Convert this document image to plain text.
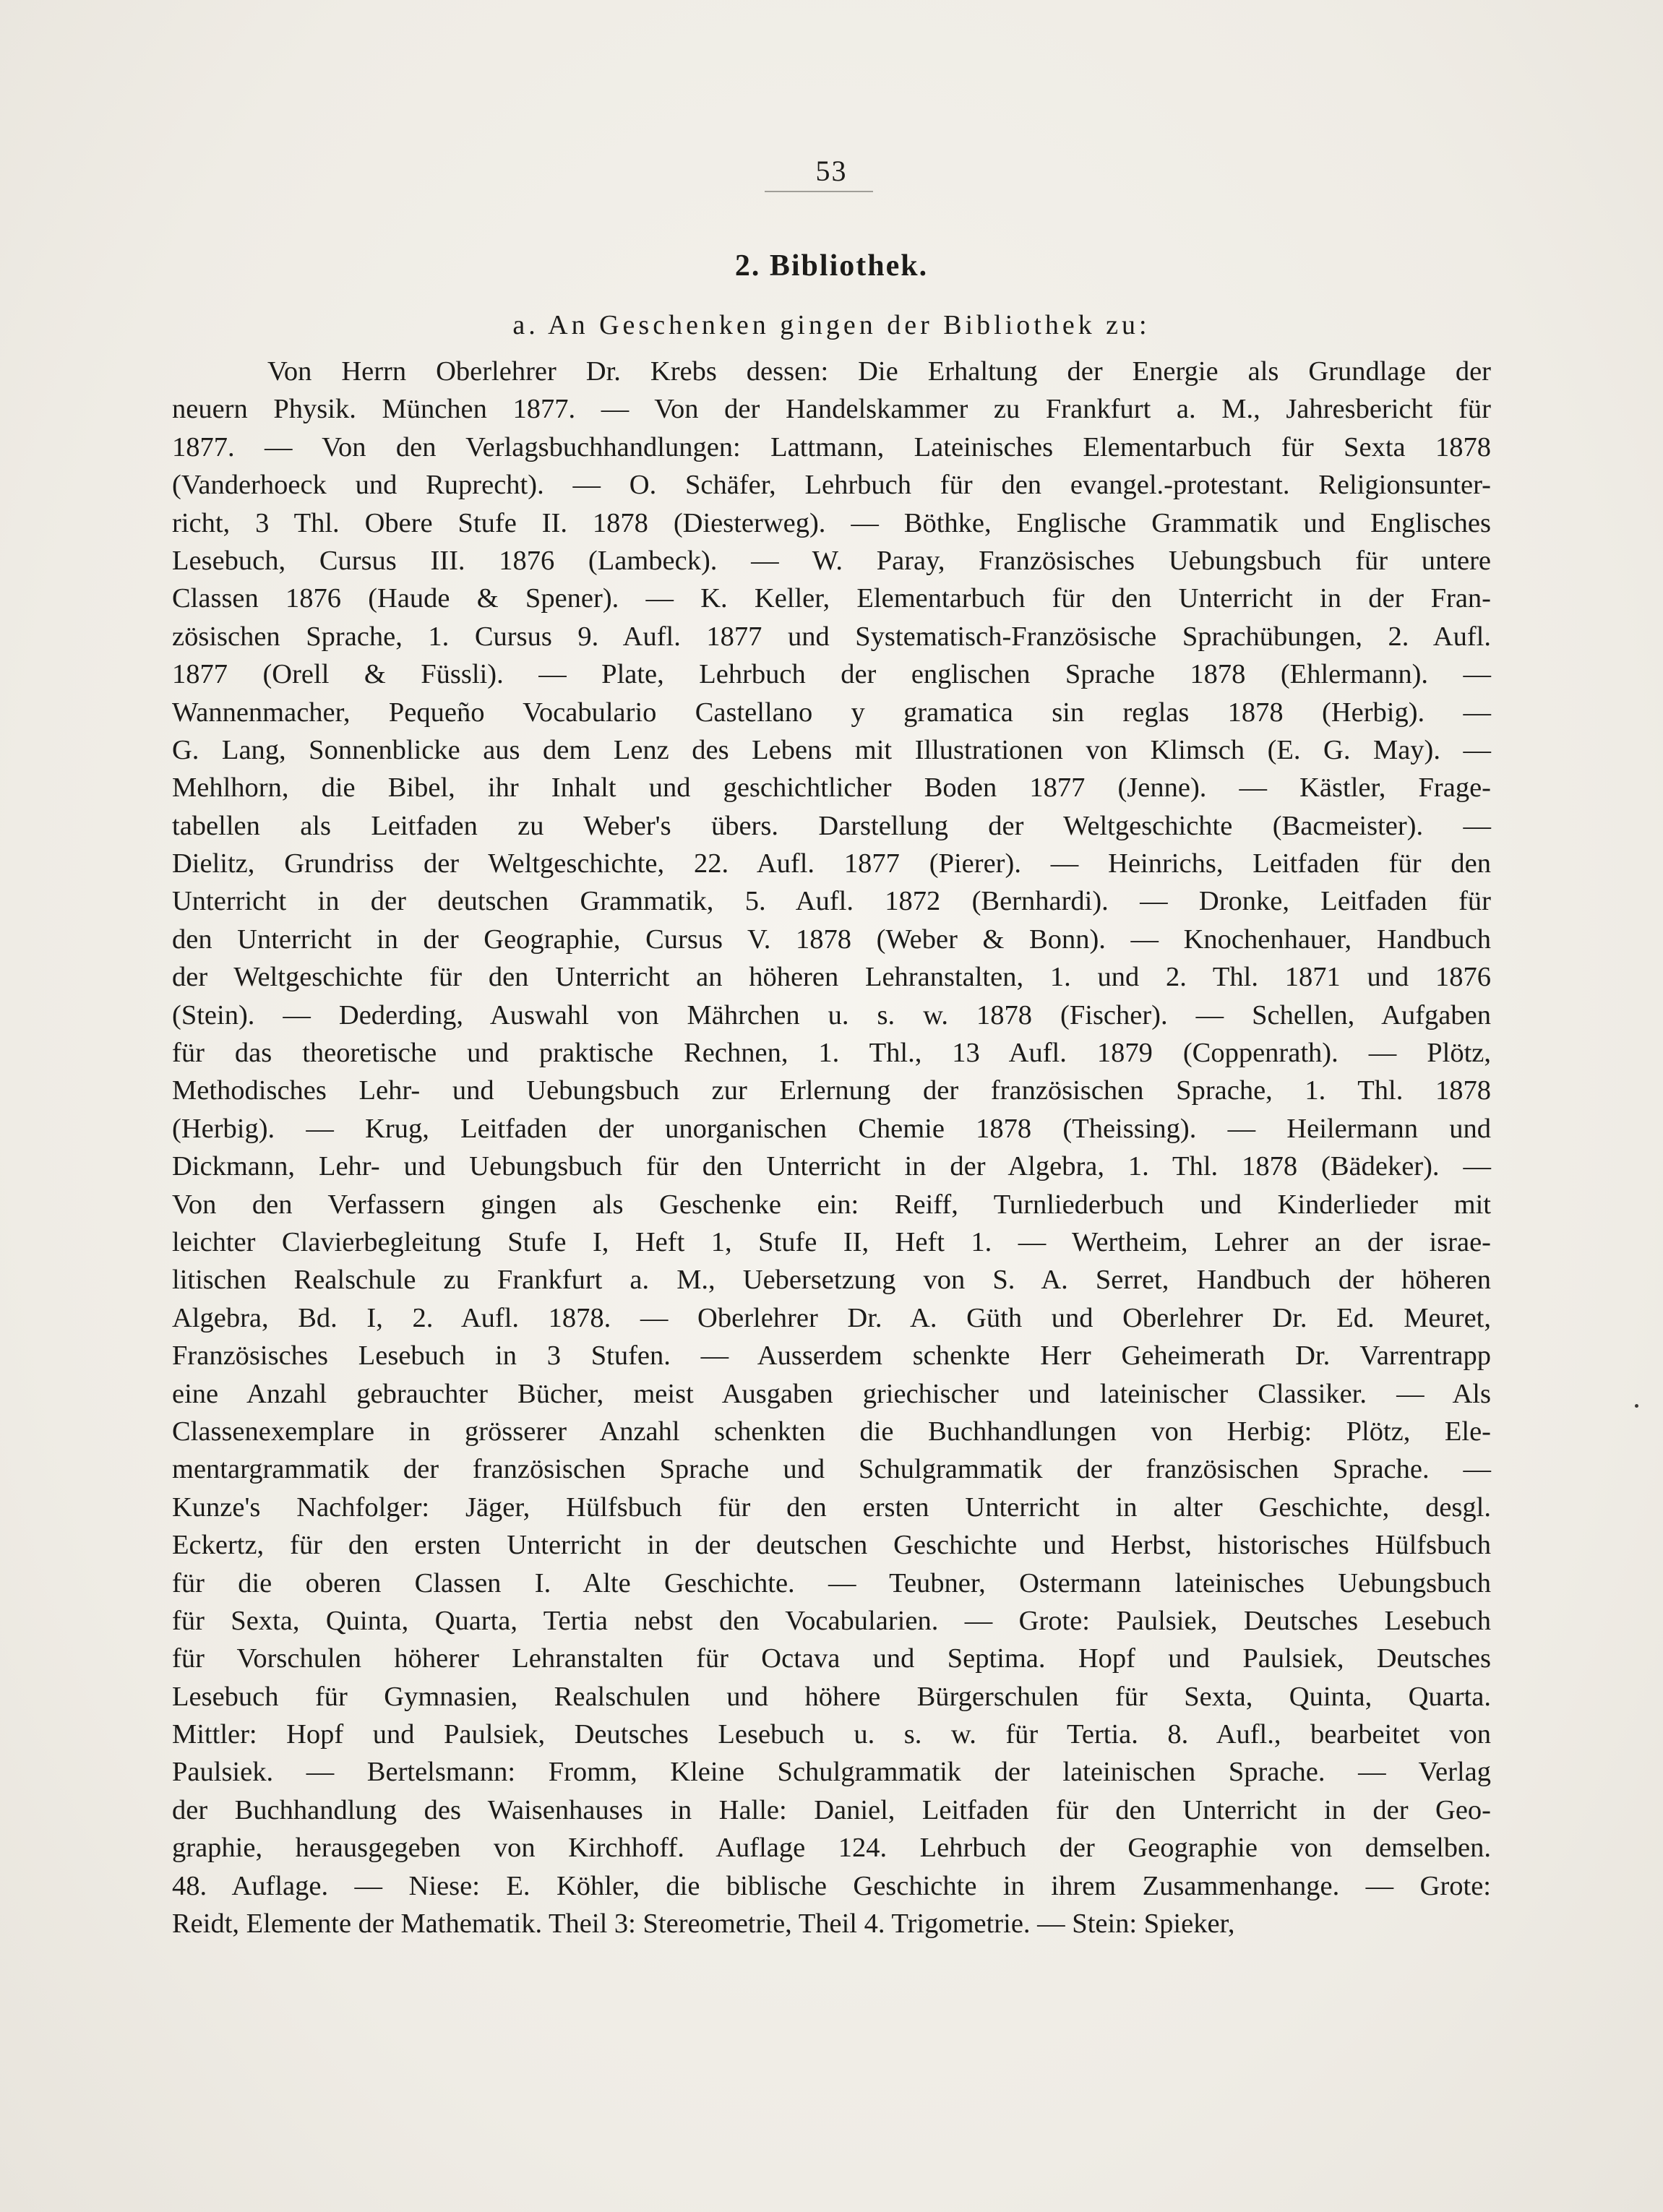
53
2. Bibliothek.
a. An Geschenken gingen der Bibliothek zu:
Von Herrn Oberlehrer Dr. Krebs dessen: Die Erhaltung der Energie als Grundlage der
neuern Physik. München 1877. — Von der Handelskammer zu Frankfurt a. M., Jahresbericht für
1877. — Von den Verlagsbuchhandlungen: Lattmann, Lateinisches Elementarbuch für Sexta 1878
(Vanderhoeck und Ruprecht). — O. Schäfer, Lehrbuch für den evangel.-protestant. Religionsunter-
richt, 3 Thl. Obere Stufe II. 1878 (Diesterweg). — Böthke, Englische Grammatik und Englisches
Lesebuch, Cursus III. 1876 (Lambeck). — W. Paray, Französisches Uebungsbuch für untere
Classen 1876 (Haude & Spener). — K. Keller, Elementarbuch für den Unterricht in der Fran-
zösischen Sprache, 1. Cursus 9. Aufl. 1877 und Systematisch-Französische Sprachübungen, 2. Aufl.
1877 (Orell & Füssli). — Plate, Lehrbuch der englischen Sprache 1878 (Ehlermann). —
Wannenmacher, Pequeño Vocabulario Castellano y gramatica sin reglas 1878 (Herbig). —
G. Lang, Sonnenblicke aus dem Lenz des Lebens mit Illustrationen von Klimsch (E. G. May). —
Mehlhorn, die Bibel, ihr Inhalt und geschichtlicher Boden 1877 (Jenne). — Kästler, Frage-
tabellen als Leitfaden zu Weber's übers. Darstellung der Weltgeschichte (Bacmeister). —
Dielitz, Grundriss der Weltgeschichte, 22. Aufl. 1877 (Pierer). — Heinrichs, Leitfaden für den
Unterricht in der deutschen Grammatik, 5. Aufl. 1872 (Bernhardi). — Dronke, Leitfaden für
den Unterricht in der Geographie, Cursus V. 1878 (Weber & Bonn). — Knochenhauer, Handbuch
der Weltgeschichte für den Unterricht an höheren Lehranstalten, 1. und 2. Thl. 1871 und 1876
(Stein). — Dederding, Auswahl von Mährchen u. s. w. 1878 (Fischer). — Schellen, Aufgaben
für das theoretische und praktische Rechnen, 1. Thl., 13 Aufl. 1879 (Coppenrath). — Plötz,
Methodisches Lehr- und Uebungsbuch zur Erlernung der französischen Sprache, 1. Thl. 1878
(Herbig). — Krug, Leitfaden der unorganischen Chemie 1878 (Theissing). — Heilermann und
Dickmann, Lehr- und Uebungsbuch für den Unterricht in der Algebra, 1. Thl. 1878 (Bädeker). —
Von den Verfassern gingen als Geschenke ein: Reiff, Turnliederbuch und Kinderlieder mit
leichter Clavierbegleitung Stufe I, Heft 1, Stufe II, Heft 1. — Wertheim, Lehrer an der israe-
litischen Realschule zu Frankfurt a. M., Uebersetzung von S. A. Serret, Handbuch der höheren
Algebra, Bd. I, 2. Aufl. 1878. — Oberlehrer Dr. A. Güth und Oberlehrer Dr. Ed. Meuret,
Französisches Lesebuch in 3 Stufen. — Ausserdem schenkte Herr Geheimerath Dr. Varrentrapp
eine Anzahl gebrauchter Bücher, meist Ausgaben griechischer und lateinischer Classiker. — Als
Classenexemplare in grösserer Anzahl schenkten die Buchhandlungen von Herbig: Plötz, Ele-
mentargrammatik der französischen Sprache und Schulgrammatik der französischen Sprache. —
Kunze's Nachfolger: Jäger, Hülfsbuch für den ersten Unterricht in alter Geschichte, desgl.
Eckertz, für den ersten Unterricht in der deutschen Geschichte und Herbst, historisches Hülfsbuch
für die oberen Classen I. Alte Geschichte. — Teubner, Ostermann lateinisches Uebungsbuch
für Sexta, Quinta, Quarta, Tertia nebst den Vocabularien. — Grote: Paulsiek, Deutsches Lesebuch
für Vorschulen höherer Lehranstalten für Octava und Septima. Hopf und Paulsiek, Deutsches
Lesebuch für Gymnasien, Realschulen und höhere Bürgerschulen für Sexta, Quinta, Quarta.
Mittler: Hopf und Paulsiek, Deutsches Lesebuch u. s. w. für Tertia. 8. Aufl., bearbeitet von
Paulsiek. — Bertelsmann: Fromm, Kleine Schulgrammatik der lateinischen Sprache. — Verlag
der Buchhandlung des Waisenhauses in Halle: Daniel, Leitfaden für den Unterricht in der Geo-
graphie, herausgegeben von Kirchhoff. Auflage 124. Lehrbuch der Geographie von demselben.
48. Auflage. — Niese: E. Köhler, die biblische Geschichte in ihrem Zusammenhange. — Grote:
Reidt, Elemente der Mathematik. Theil 3: Stereometrie, Theil 4. Trigometrie. — Stein: Spieker,
